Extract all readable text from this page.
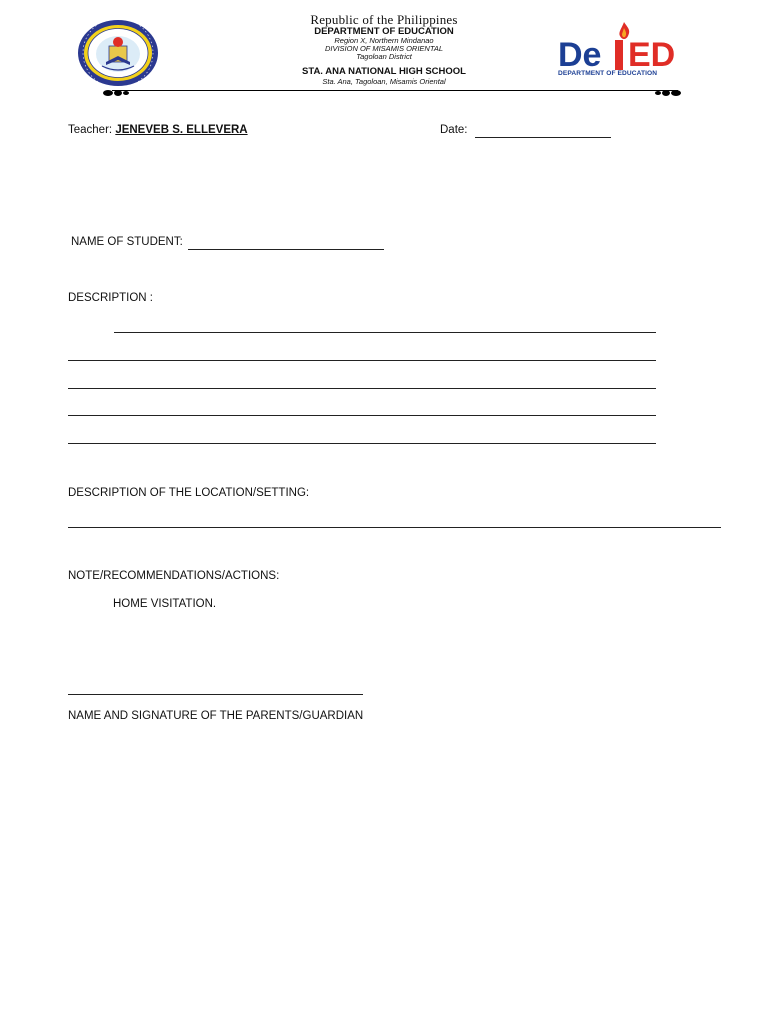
Republic of the Philippines
DEPARTMENT OF EDUCATION
Region X, Northern Mindanao
DIVISION OF MISAMIS ORIENTAL
Tagoloan District
STA. ANA NATIONAL HIGH SCHOOL
Sta. Ana, Tagoloan, Misamis Oriental
De ED
DEPARTMENT OF EDUCATION
Teacher: JENEVEB S. ELLEVERA	Date:
NAME OF STUDENT:
DESCRIPTION :
DESCRIPTION OF THE LOCATION/SETTING:
NOTE/RECOMMENDATIONS/ACTIONS:
HOME VISITATION.
NAME AND SIGNATURE OF THE PARENTS/GUARDIAN
